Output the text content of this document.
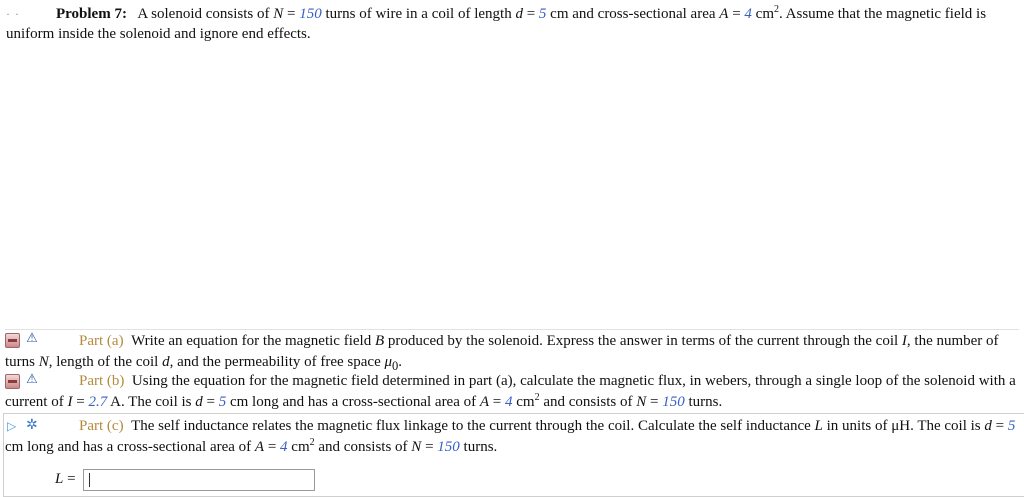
· · Problem 7: A solenoid consists of N = 150 turns of wire in a coil of length d = 5 cm and cross-sectional area A = 4 $cm^2$. Assume that the magnetic field is uniform inside the solenoid and ignore end effects.
⚠	Part (a) Write an equation for the magnetic field B produced by the solenoid. Express the answer in terms of the current through the coil I, the number of turns N, length of the coil d, and the permeability of free space $\mu_0$.
⚠	Part (b) Using the equation for the magnetic field determined in part (a), calculate the magnetic flux, in webers, through a single loop of the solenoid with a current of I = 2.7 A. The coil is d = 5 cm long and has a cross-sectional area of A = 4 $cm^2$ and consists of N = 150 turns.
▷ ✲	Part (c) The self inductance relates the magnetic flux linkage to the current through the coil. Calculate the self inductance L in units of μH. The coil is d = 5 cm long and has a cross-sectional area of A = 4 $cm^2$ and consists of N = 150 turns.
L =
